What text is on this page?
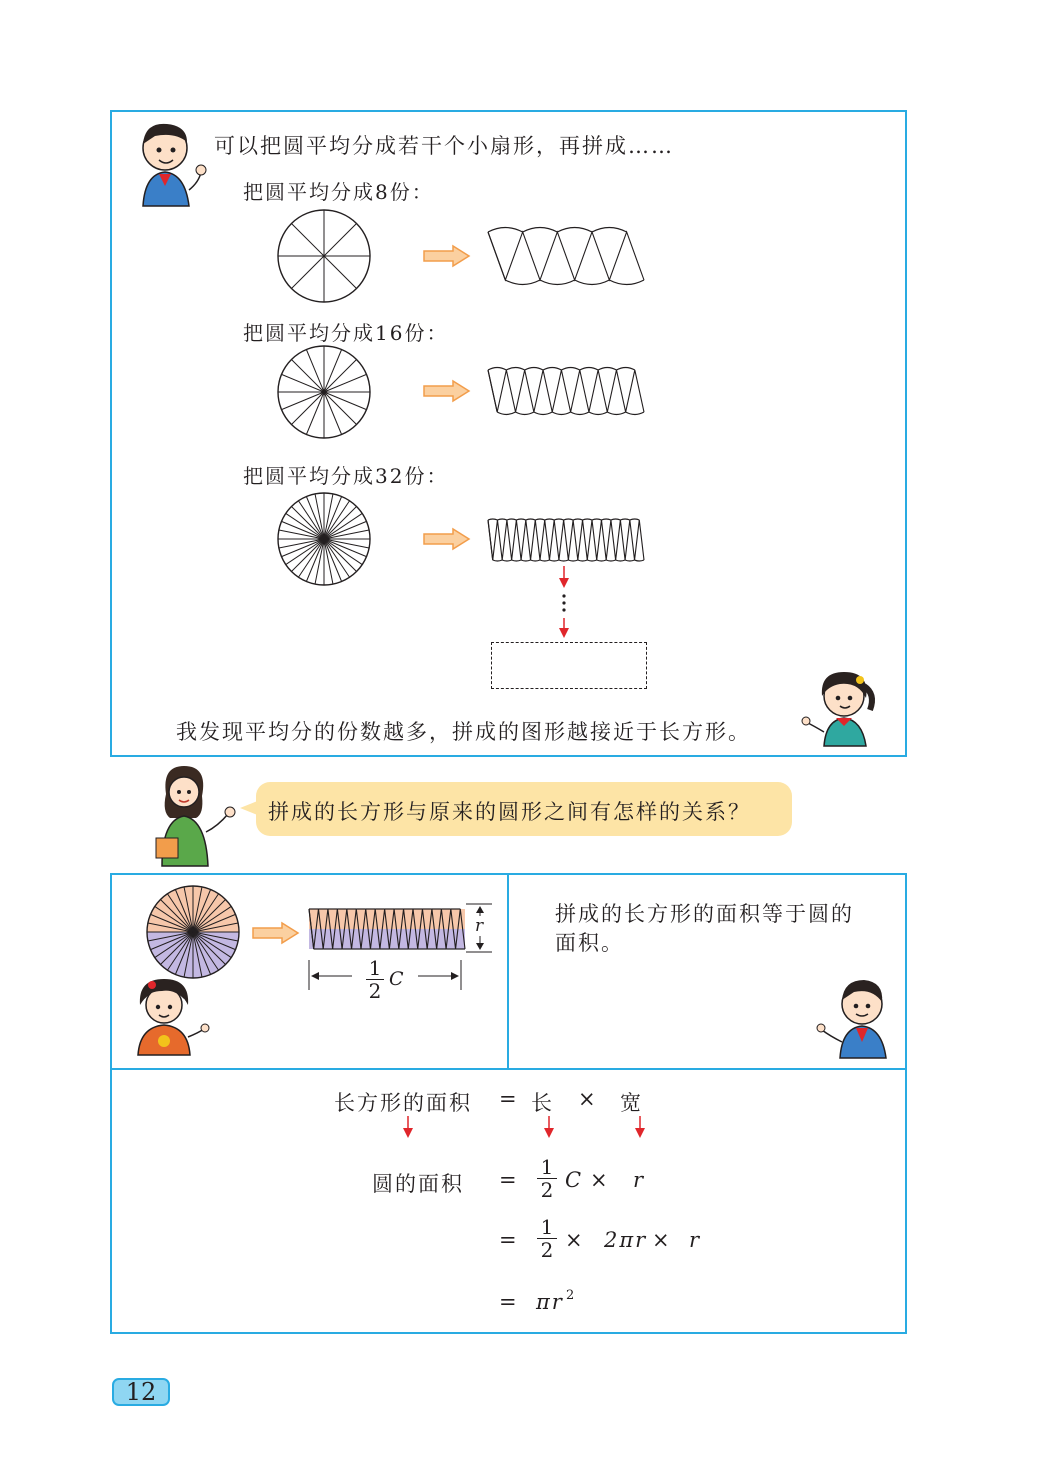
可以把圆平均分成若干个小扇形，再拼成……
把圆平均分成8份：
把圆平均分成16份：
把圆平均分成32份：
我发现平均分的份数越多，拼成的图形越接近于长方形。
拼成的长方形与原来的圆形之间有怎样的关系？
r
1
2 C
拼成的长方形的面积等于圆的面积。
长方形的面积 = 长 × 宽
圆的面积 =
1
2 C × r
=
1
2 × 2πr × r
= πr 2
12
